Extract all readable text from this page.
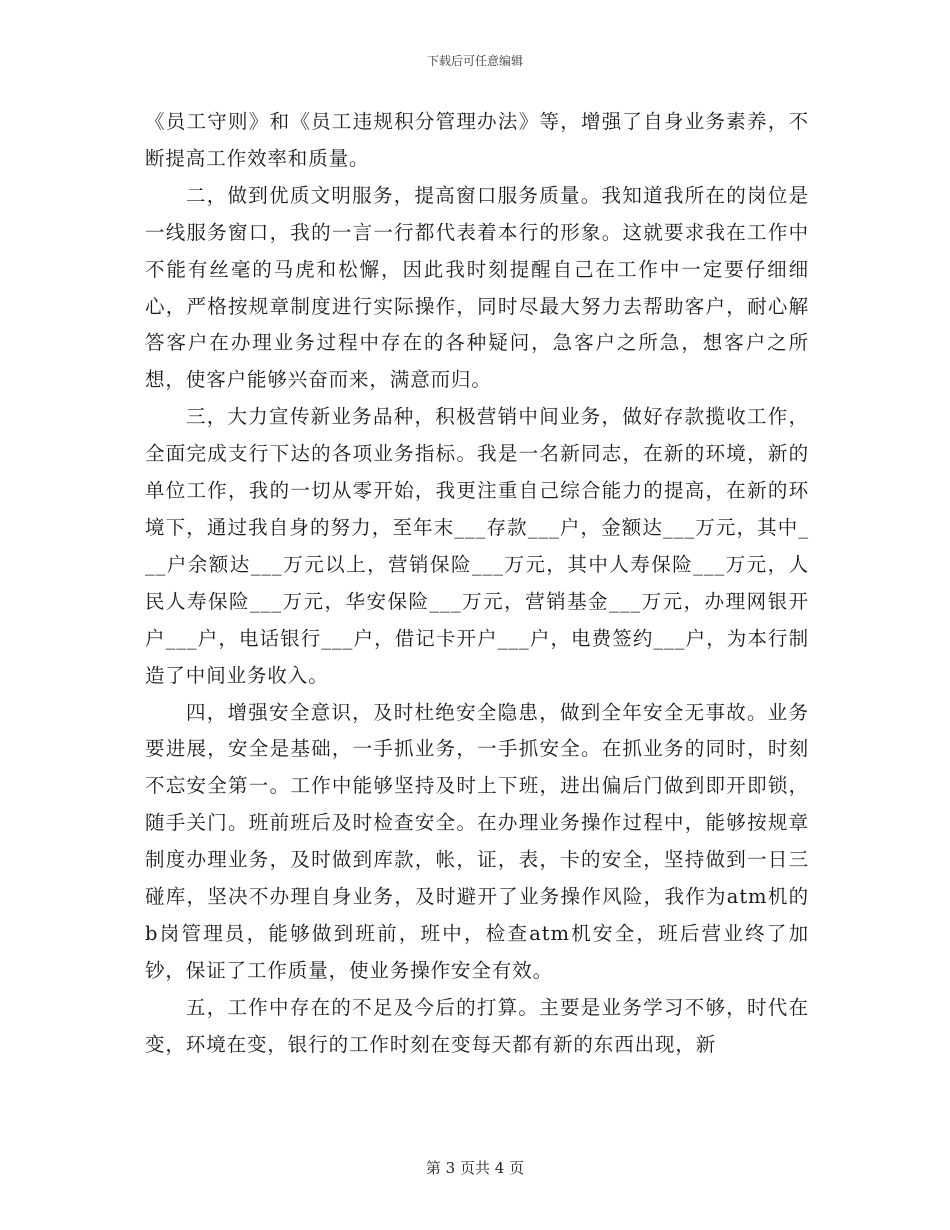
下载后可任意编辑

《员工守则》和《员工违规积分管理办法》等，增强了自身业务素养，不断提高工作效率和质量。

二，做到优质文明服务，提高窗口服务质量。我知道我所在的岗位是一线服务窗口，我的一言一行都代表着本行的形象。这就要求我在工作中不能有丝毫的马虎和松懈，因此我时刻提醒自己在工作中一定要仔细细心，严格按规章制度进行实际操作，同时尽最大努力去帮助客户，耐心解答客户在办理业务过程中存在的各种疑问，急客户之所急，想客户之所想，使客户能够兴奋而来，满意而归。

三，大力宣传新业务品种，积极营销中间业务，做好存款揽收工作，全面完成支行下达的各项业务指标。我是一名新同志，在新的环境，新的单位工作，我的一切从零开始，我更注重自己综合能力的提高，在新的环境下，通过我自身的努力，至年末___存款___户，金额达___万元，其中___户余额达___万元以上，营销保险___万元，其中人寿保险___万元，人民人寿保险___万元，华安保险___万元，营销基金___万元，办理网银开户___户，电话银行___户，借记卡开户___户，电费签约___户，为本行制造了中间业务收入。

四，增强安全意识，及时杜绝安全隐患，做到全年安全无事故。业务要进展，安全是基础，一手抓业务，一手抓安全。在抓业务的同时，时刻不忘安全第一。工作中能够坚持及时上下班，进出偏后门做到即开即锁，随手关门。班前班后及时检查安全。在办理业务操作过程中，能够按规章制度办理业务，及时做到库款，帐，证，表，卡的安全，坚持做到一日三碰库，坚决不办理自身业务，及时避开了业务操作风险，我作为atm机的b岗管理员，能够做到班前，班中，检查atm机安全，班后营业终了加钞，保证了工作质量，使业务操作安全有效。

五，工作中存在的不足及今后的打算。主要是业务学习不够，时代在变，环境在变，银行的工作时刻在变每天都有新的东西出现，新

第 3 页共 4 页
